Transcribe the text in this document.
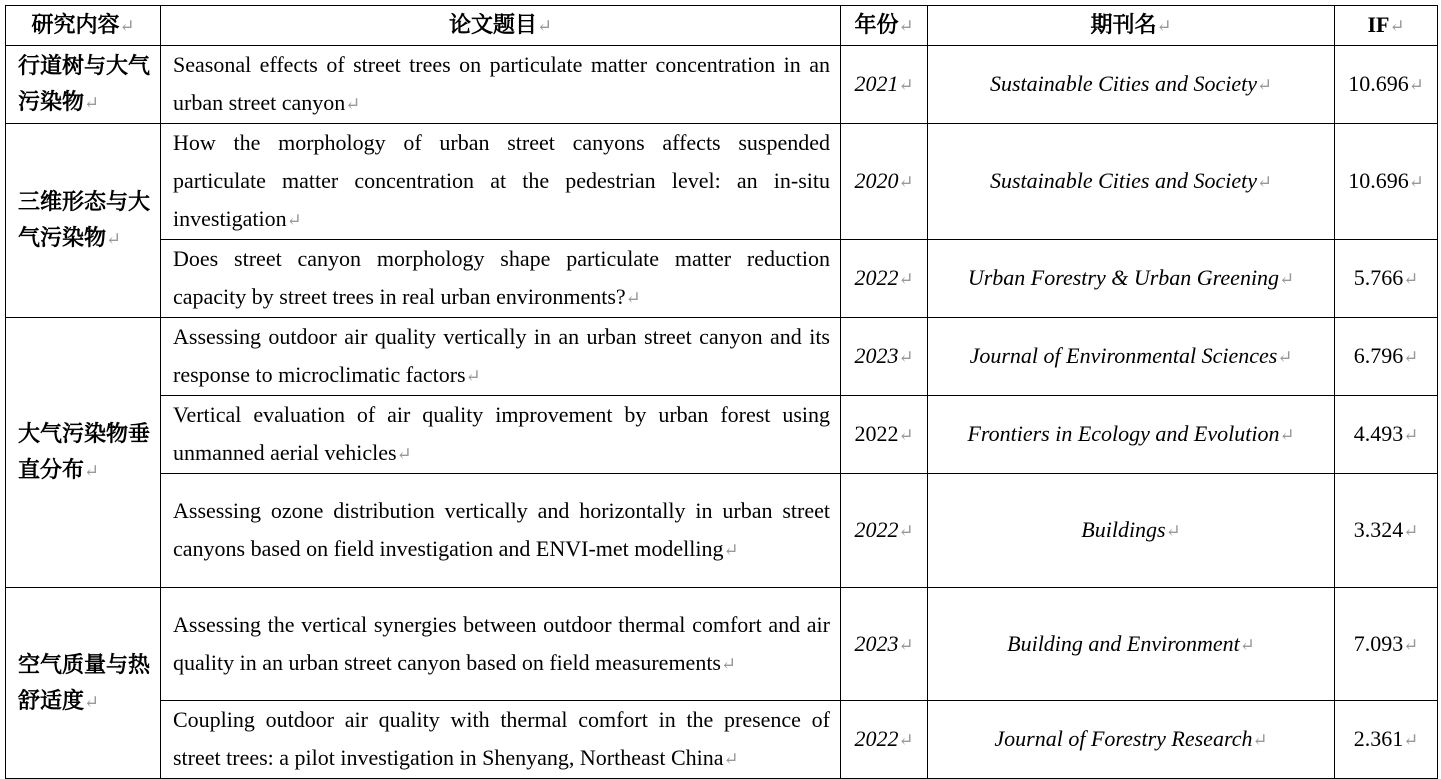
研究内容 ↵	论文题目 ↵	年份 ↵	期刊名 ↵	IF ↵
行道树与大气污染物 ↵	Seasonal effects of street trees on particulate matter concentration in an urban street canyon ↵	2021 ↵	Sustainable Cities and Society ↵	10.696 ↵
三维形态与大气污染物 ↵	How the morphology of urban street canyons affects suspended particulate matter concentration at the pedestrian level: an in-situ investigation ↵	2020 ↵	Sustainable Cities and Society ↵	10.696 ↵
	Does street canyon morphology shape particulate matter reduction capacity by street trees in real urban environments? ↵	2022 ↵	Urban Forestry & Urban Greening ↵	5.766 ↵
大气污染物垂直分布 ↵	Assessing outdoor air quality vertically in an urban street canyon and its response to microclimatic factors ↵	2023 ↵	Journal of Environmental Sciences ↵	6.796 ↵
	Vertical evaluation of air quality improvement by urban forest using unmanned aerial vehicles ↵	2022 ↵	Frontiers in Ecology and Evolution ↵	4.493 ↵
	Assessing ozone distribution vertically and horizontally in urban street canyons based on field investigation and ENVI-met modelling ↵	2022 ↵	Buildings ↵	3.324 ↵
空气质量与热舒适度 ↵	Assessing the vertical synergies between outdoor thermal comfort and air quality in an urban street canyon based on field measurements ↵	2023 ↵	Building and Environment ↵	7.093 ↵
	Coupling outdoor air quality with thermal comfort in the presence of street trees: a pilot investigation in Shenyang, Northeast China ↵	2022 ↵	Journal of Forestry Research ↵	2.361 ↵
